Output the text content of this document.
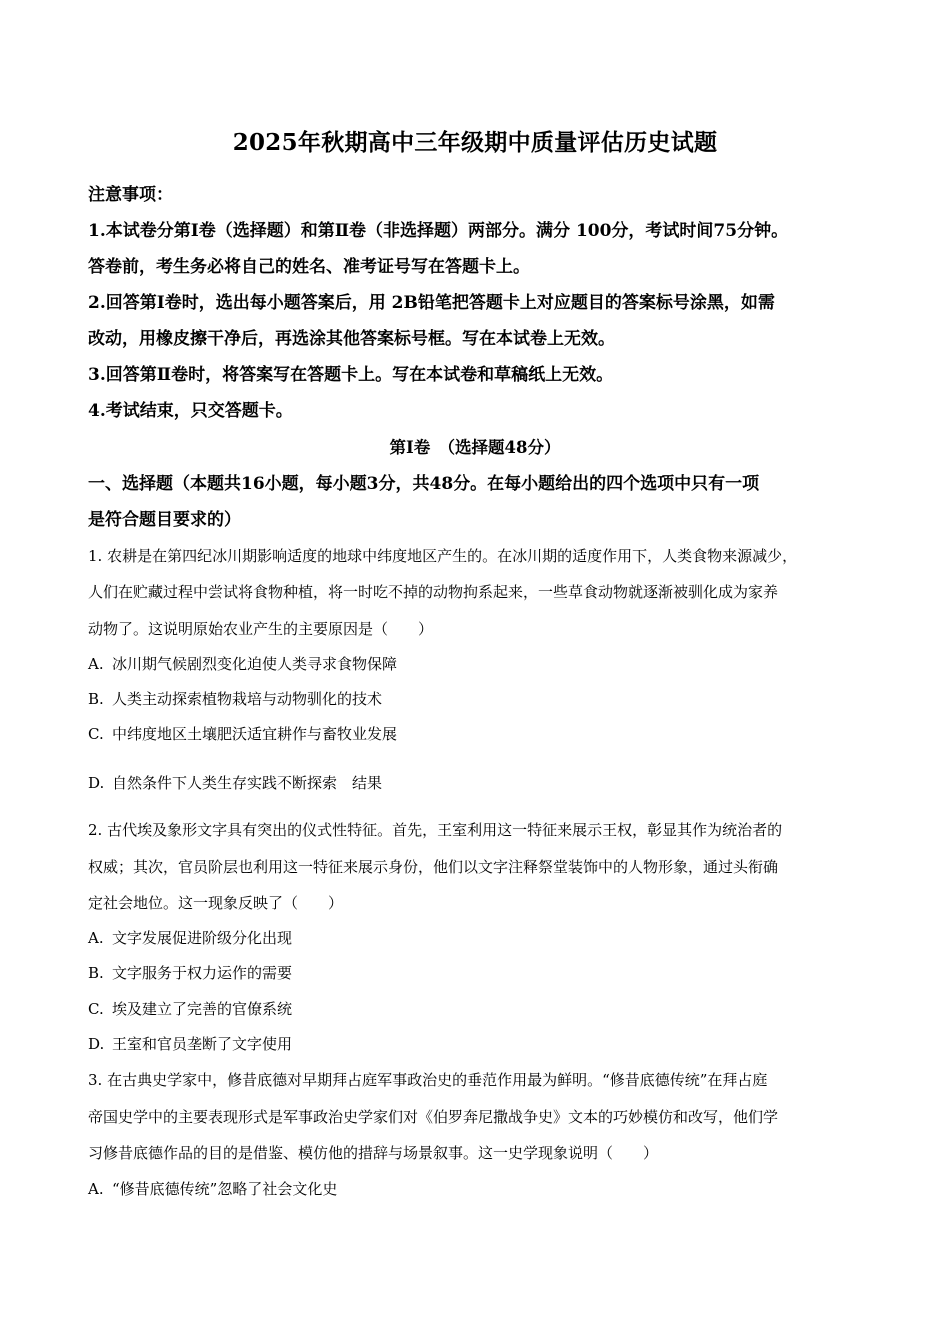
2025年秋期高中三年级期中质量评估历史试题
注意事项：
1.本试卷分第Ⅰ卷（选择题）和第Ⅱ卷（非选择题）两部分。满分 100分，考试时间75分钟。
答卷前，考生务必将自己的姓名、准考证号写在答题卡上。
2.回答第Ⅰ卷时，选出每小题答案后，用 2B铅笔把答题卡上对应题目的答案标号涂黑，如需
改动，用橡皮擦干净后，再选涂其他答案标号框。写在本试卷上无效。
3.回答第Ⅱ卷时，将答案写在答题卡上。写在本试卷和草稿纸上无效。
4.考试结束，只交答题卡。
第Ⅰ卷　（选择题48分）
一、选择题（本题共16小题，每小题3分，共48分。在每小题给出的四个选项中只有一项
是符合题目要求的）
1. 农耕是在第四纪冰川期影响适度的地球中纬度地区产生的。在冰川期的适度作用下，人类食物来源减少，
人们在贮藏过程中尝试将食物种植，将一时吃不掉的动物拘系起来，一些草食动物就逐渐被驯化成为家养
动物了。这说明原始农业产生的主要原因是（　　）
A. 冰川期气候剧烈变化迫使人类寻求食物保障
B. 人类主动探索植物栽培与动物驯化的技术
C. 中纬度地区土壤肥沃适宜耕作与畜牧业发展
D. 自然条件下人类生存实践不断探索　结果
2. 古代埃及象形文字具有突出的仪式性特征。首先，王室利用这一特征来展示王权，彰显其作为统治者的
权威；其次，官员阶层也利用这一特征来展示身份，他们以文字注释祭堂装饰中的人物形象，通过头衔确
定社会地位。这一现象反映了（　　）
A. 文字发展促进阶级分化出现
B. 文字服务于权力运作的需要
C. 埃及建立了完善的官僚系统
D. 王室和官员垄断了文字使用
3. 在古典史学家中，修昔底德对早期拜占庭军事政治史的垂范作用最为鲜明。“修昔底德传统”在拜占庭
帝国史学中的主要表现形式是军事政治史学家们对《伯罗奔尼撒战争史》文本的巧妙模仿和改写，他们学
习修昔底德作品的目的是借鉴、模仿他的措辞与场景叙事。这一史学现象说明（　　）
A. “修昔底德传统”忽略了社会文化史
